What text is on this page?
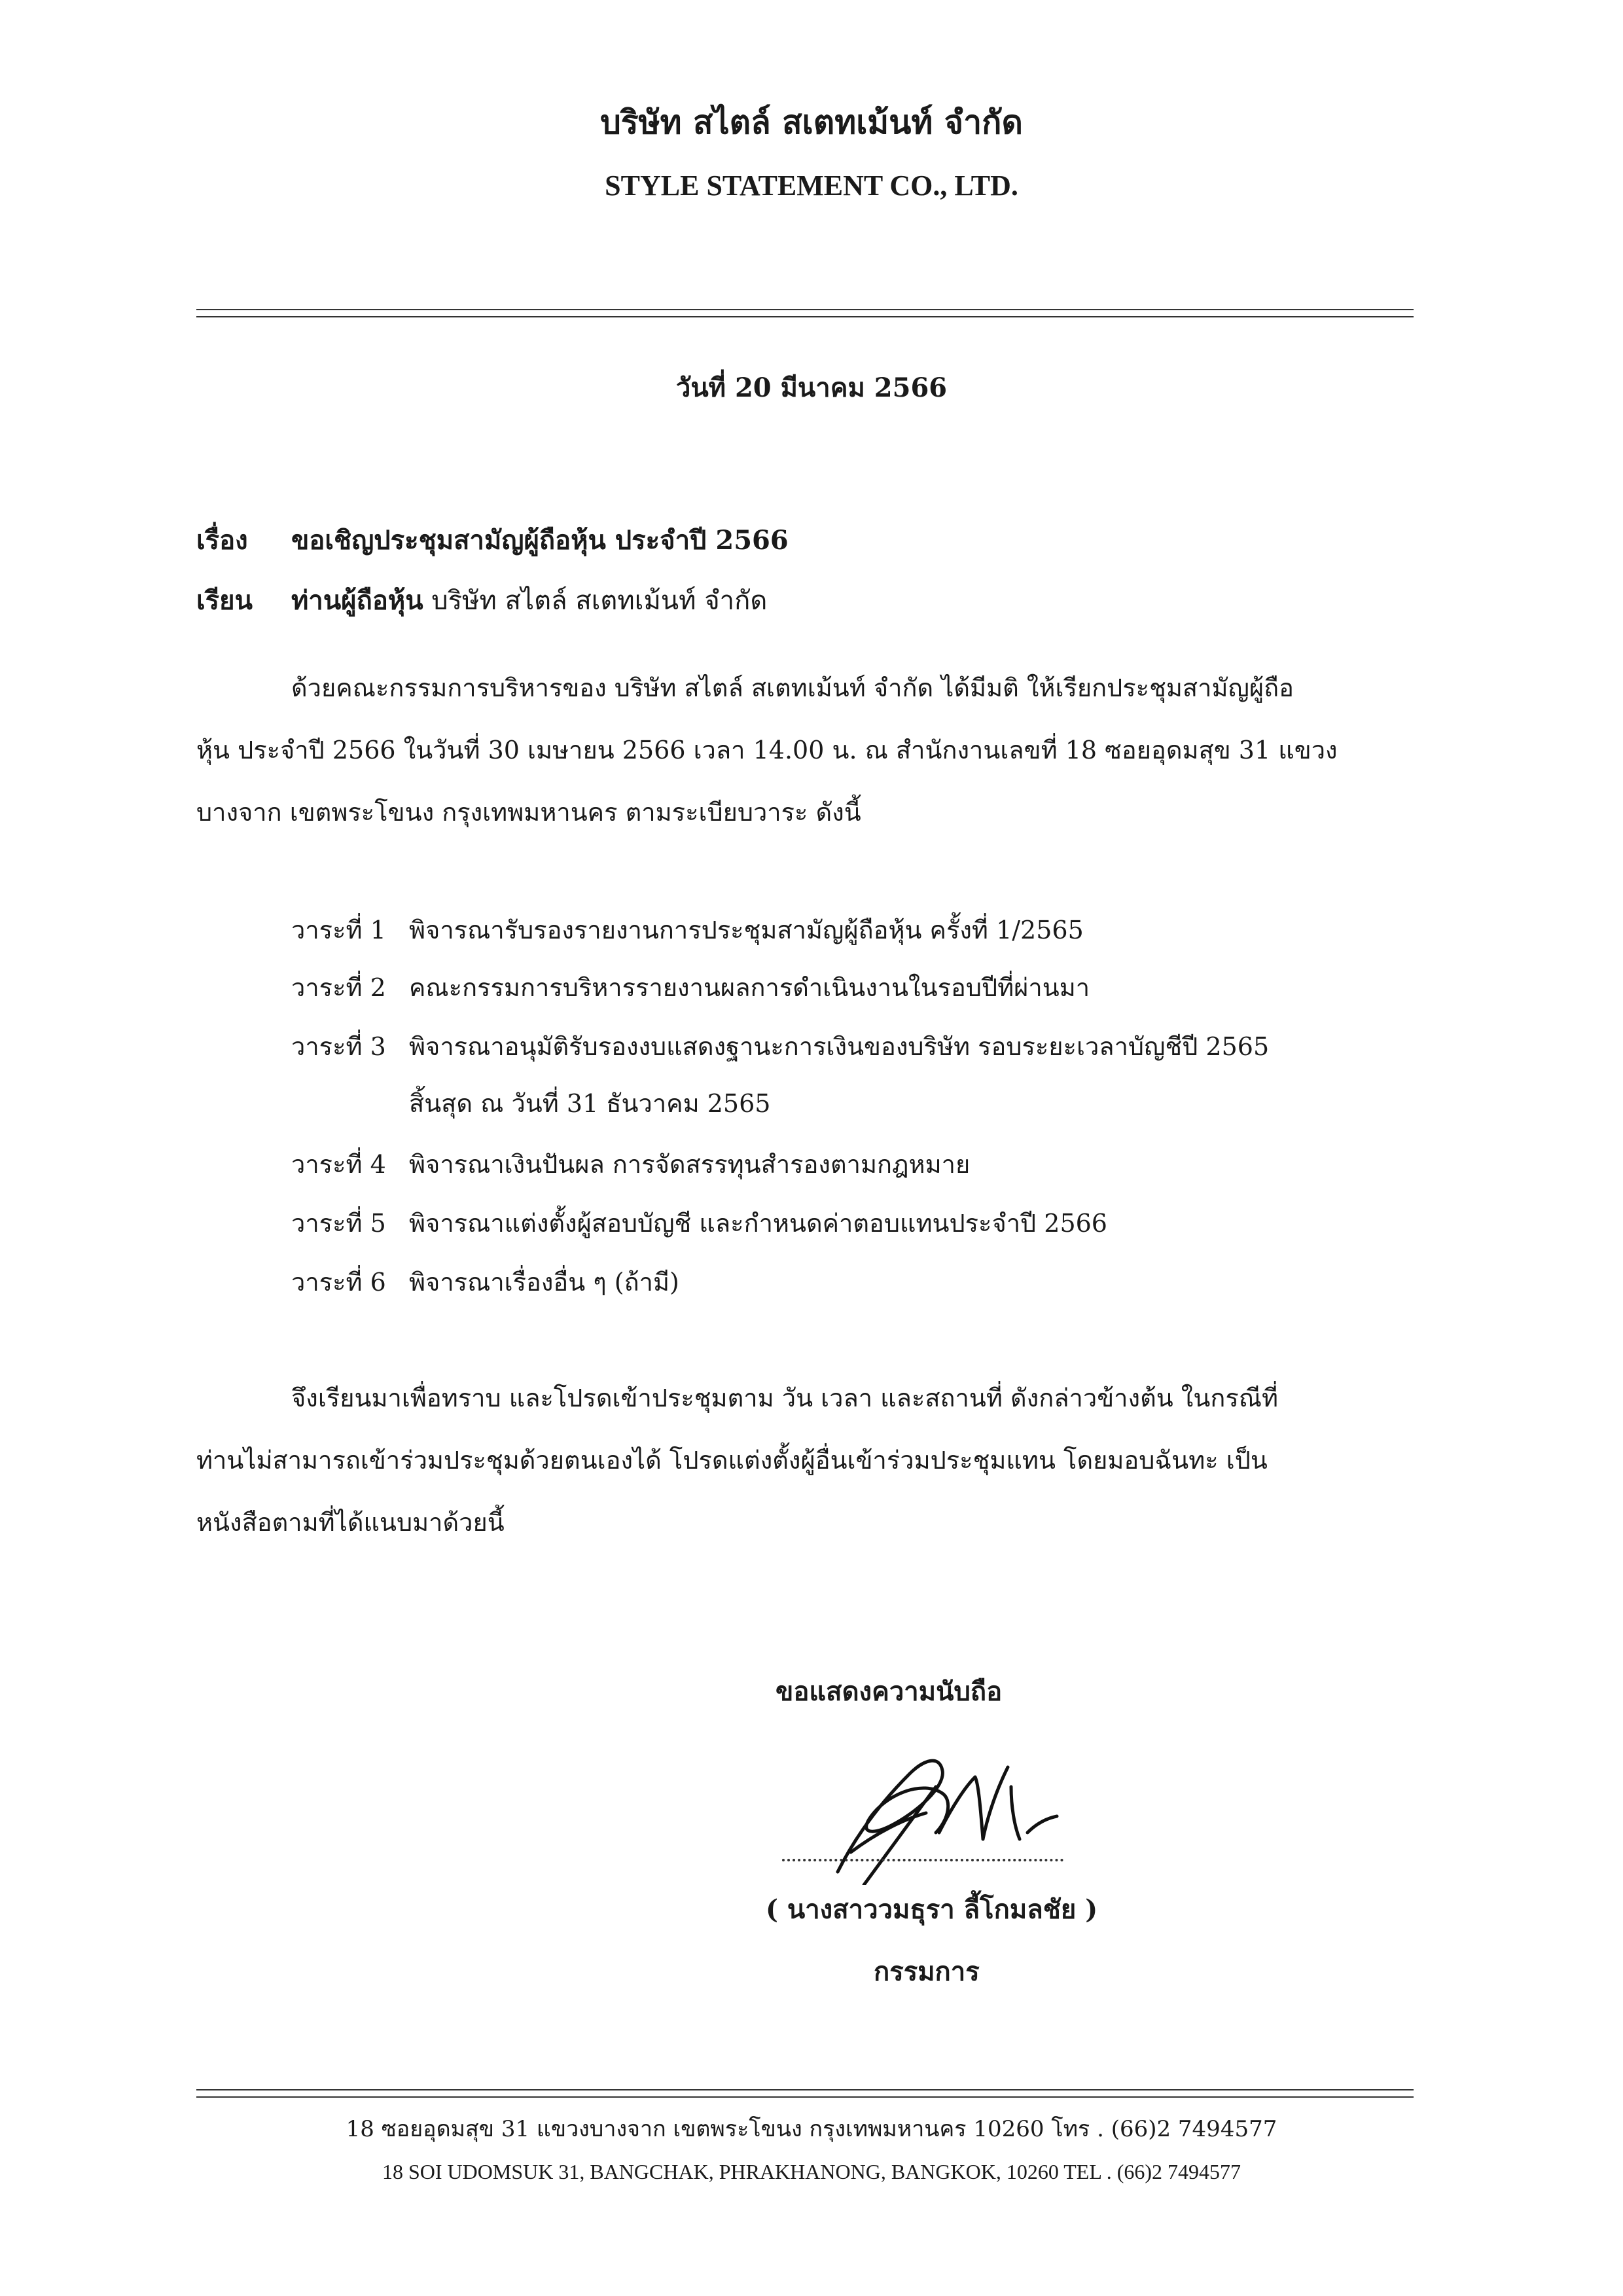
บริษัท สไตล์ สเตทเม้นท์ จำกัด
STYLE STATEMENT CO., LTD.
วันที่ 20 มีนาคม 2566
เรื่อง ขอเชิญประชุมสามัญผู้ถือหุ้น ประจำปี 2566
เรียน ท่านผู้ถือหุ้น บริษัท สไตล์ สเตทเม้นท์ จำกัด
ด้วยคณะกรรมการบริหารของ บริษัท สไตล์ สเตทเม้นท์ จำกัด ได้มีมติ ให้เรียกประชุมสามัญผู้ถือ
หุ้น ประจำปี 2566 ในวันที่ 30 เมษายน 2566 เวลา 14.00 น. ณ สำนักงานเลขที่ 18 ซอยอุดมสุข 31 แขวง
บางจาก เขตพระโขนง กรุงเทพมหานคร ตามระเบียบวาระ ดังนี้
วาระที่ 1 พิจารณารับรองรายงานการประชุมสามัญผู้ถือหุ้น ครั้งที่ 1/2565
วาระที่ 2 คณะกรรมการบริหารรายงานผลการดำเนินงานในรอบปีที่ผ่านมา
วาระที่ 3 พิจารณาอนุมัติรับรองงบแสดงฐานะการเงินของบริษัท รอบระยะเวลาบัญชีปี 2565
สิ้นสุด ณ วันที่ 31 ธันวาคม 2565
วาระที่ 4 พิจารณาเงินปันผล การจัดสรรทุนสำรองตามกฎหมาย
วาระที่ 5 พิจารณาแต่งตั้งผู้สอบบัญชี และกำหนดค่าตอบแทนประจำปี 2566
วาระที่ 6 พิจารณาเรื่องอื่น ๆ (ถ้ามี)
จึงเรียนมาเพื่อทราบ และโปรดเข้าประชุมตาม วัน เวลา และสถานที่ ดังกล่าวข้างต้น ในกรณีที่
ท่านไม่สามารถเข้าร่วมประชุมด้วยตนเองได้ โปรดแต่งตั้งผู้อื่นเข้าร่วมประชุมแทน โดยมอบฉันทะ เป็น
หนังสือตามที่ได้แนบมาด้วยนี้
ขอแสดงความนับถือ
( นางสาววมธุรา ลี้โกมลชัย )
กรรมการ
18 ซอยอุดมสุข 31 แขวงบางจาก เขตพระโขนง กรุงเทพมหานคร 10260 โทร . (66)2 7494577
18 SOI UDOMSUK 31, BANGCHAK, PHRAKHANONG, BANGKOK, 10260 TEL . (66)2 7494577
